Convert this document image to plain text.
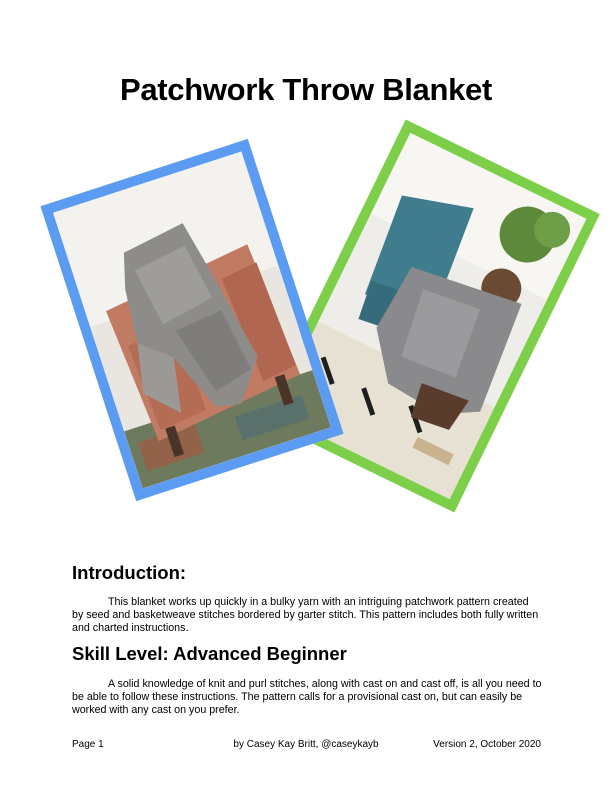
Patchwork Throw Blanket
Introduction:

This blanket works up quickly in a bulky yarn with an intriguing patchwork pattern created by seed and basketweave stitches bordered by garter stitch. This pattern includes both fully written and charted instructions.

Skill Level: Advanced Beginner

A solid knowledge of knit and purl stitches, along with cast on and cast off, is all you need to be able to follow these instructions. The pattern calls for a provisional cast on, but can easily be worked with any cast on you prefer.

by Casey Kay Britt, @caseykayb

Page 1	Version 2, October 2020
